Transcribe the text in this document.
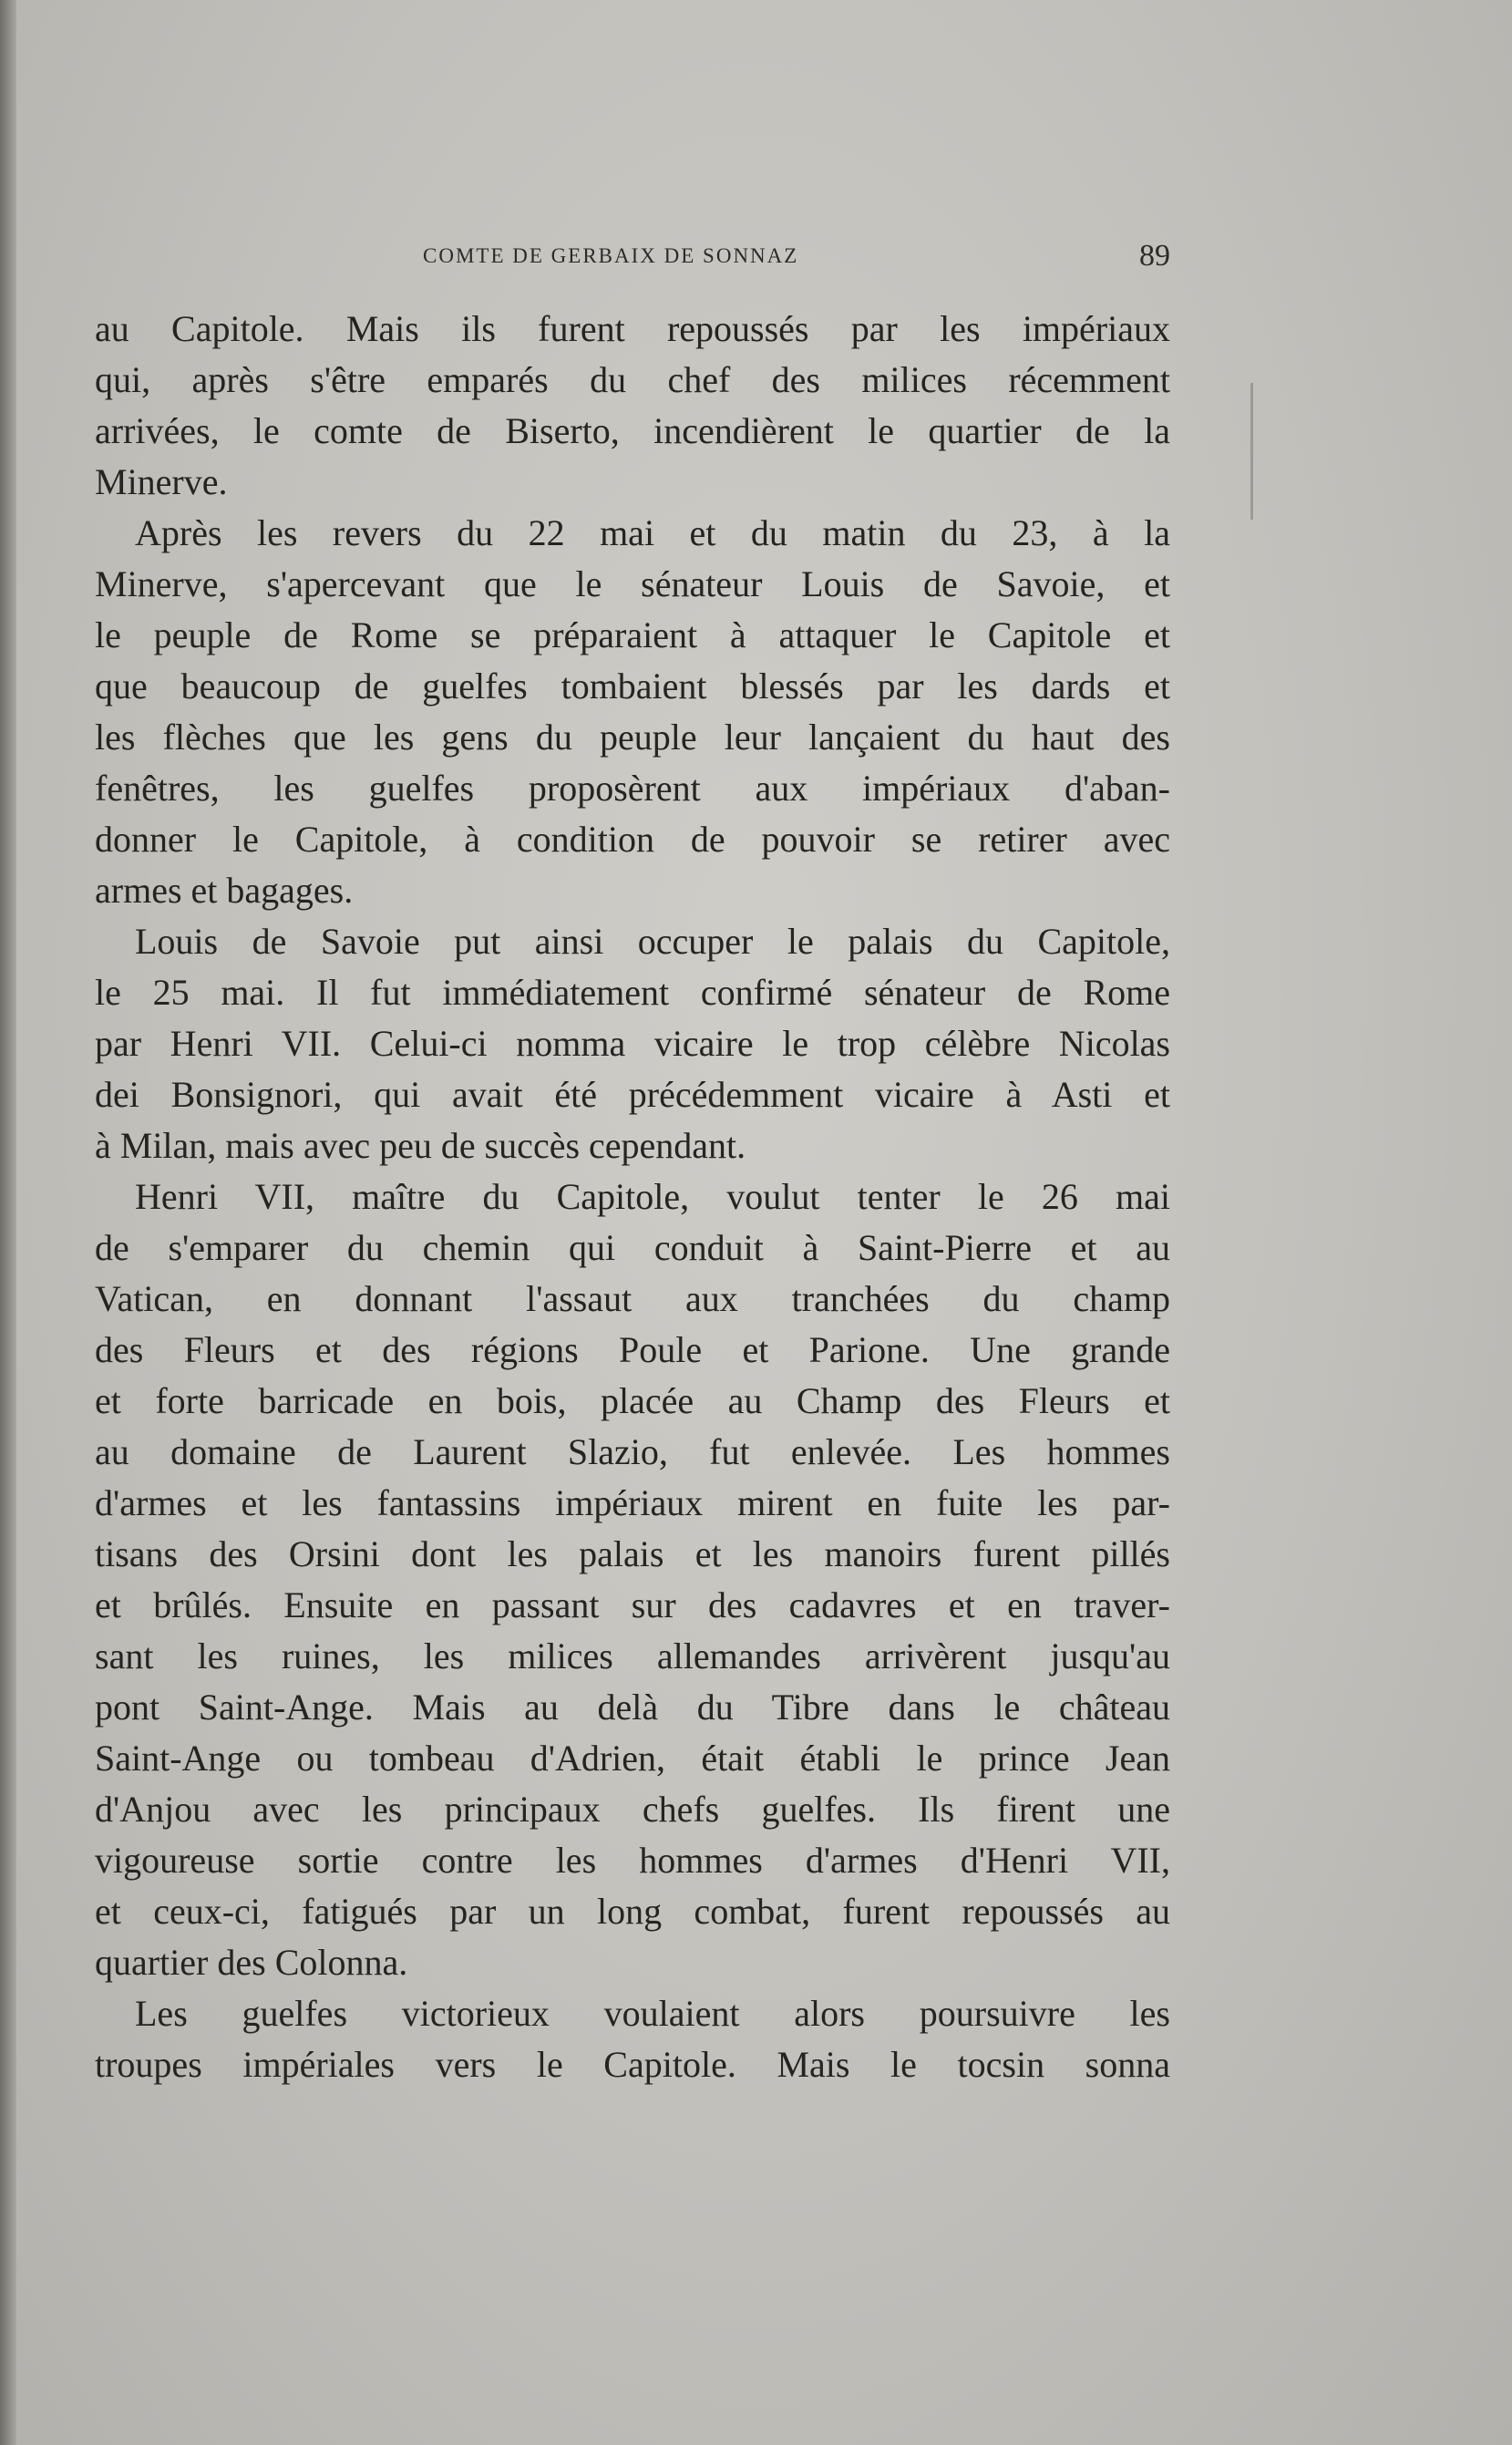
COMTE DE GERBAIX DE SONNAZ	89
au Capitole. Mais ils furent repoussés par les impériaux
qui, après s'être emparés du chef des milices récemment
arrivées, le comte de Biserto, incendièrent le quartier de la
Minerve.
Après les revers du 22 mai et du matin du 23, à la
Minerve, s'apercevant que le sénateur Louis de Savoie, et
le peuple de Rome se préparaient à attaquer le Capitole et
que beaucoup de guelfes tombaient blessés par les dards et
les flèches que les gens du peuple leur lançaient du haut des
fenêtres, les guelfes proposèrent aux impériaux d'aban-
donner le Capitole, à condition de pouvoir se retirer avec
armes et bagages.
Louis de Savoie put ainsi occuper le palais du Capitole,
le 25 mai. Il fut immédiatement confirmé sénateur de Rome
par Henri VII. Celui-ci nomma vicaire le trop célèbre Nicolas
dei Bonsignori, qui avait été précédemment vicaire à Asti et
à Milan, mais avec peu de succès cependant.
Henri VII, maître du Capitole, voulut tenter le 26 mai
de s'emparer du chemin qui conduit à Saint-Pierre et au
Vatican, en donnant l'assaut aux tranchées du champ
des Fleurs et des régions Poule et Parione. Une grande
et forte barricade en bois, placée au Champ des Fleurs et
au domaine de Laurent Slazio, fut enlevée. Les hommes
d'armes et les fantassins impériaux mirent en fuite les par-
tisans des Orsini dont les palais et les manoirs furent pillés
et brûlés. Ensuite en passant sur des cadavres et en traver-
sant les ruines, les milices allemandes arrivèrent jusqu'au
pont Saint-Ange. Mais au delà du Tibre dans le château
Saint-Ange ou tombeau d'Adrien, était établi le prince Jean
d'Anjou avec les principaux chefs guelfes. Ils firent une
vigoureuse sortie contre les hommes d'armes d'Henri VII,
et ceux-ci, fatigués par un long combat, furent repoussés au
quartier des Colonna.
Les guelfes victorieux voulaient alors poursuivre les
troupes impériales vers le Capitole. Mais le tocsin sonna
